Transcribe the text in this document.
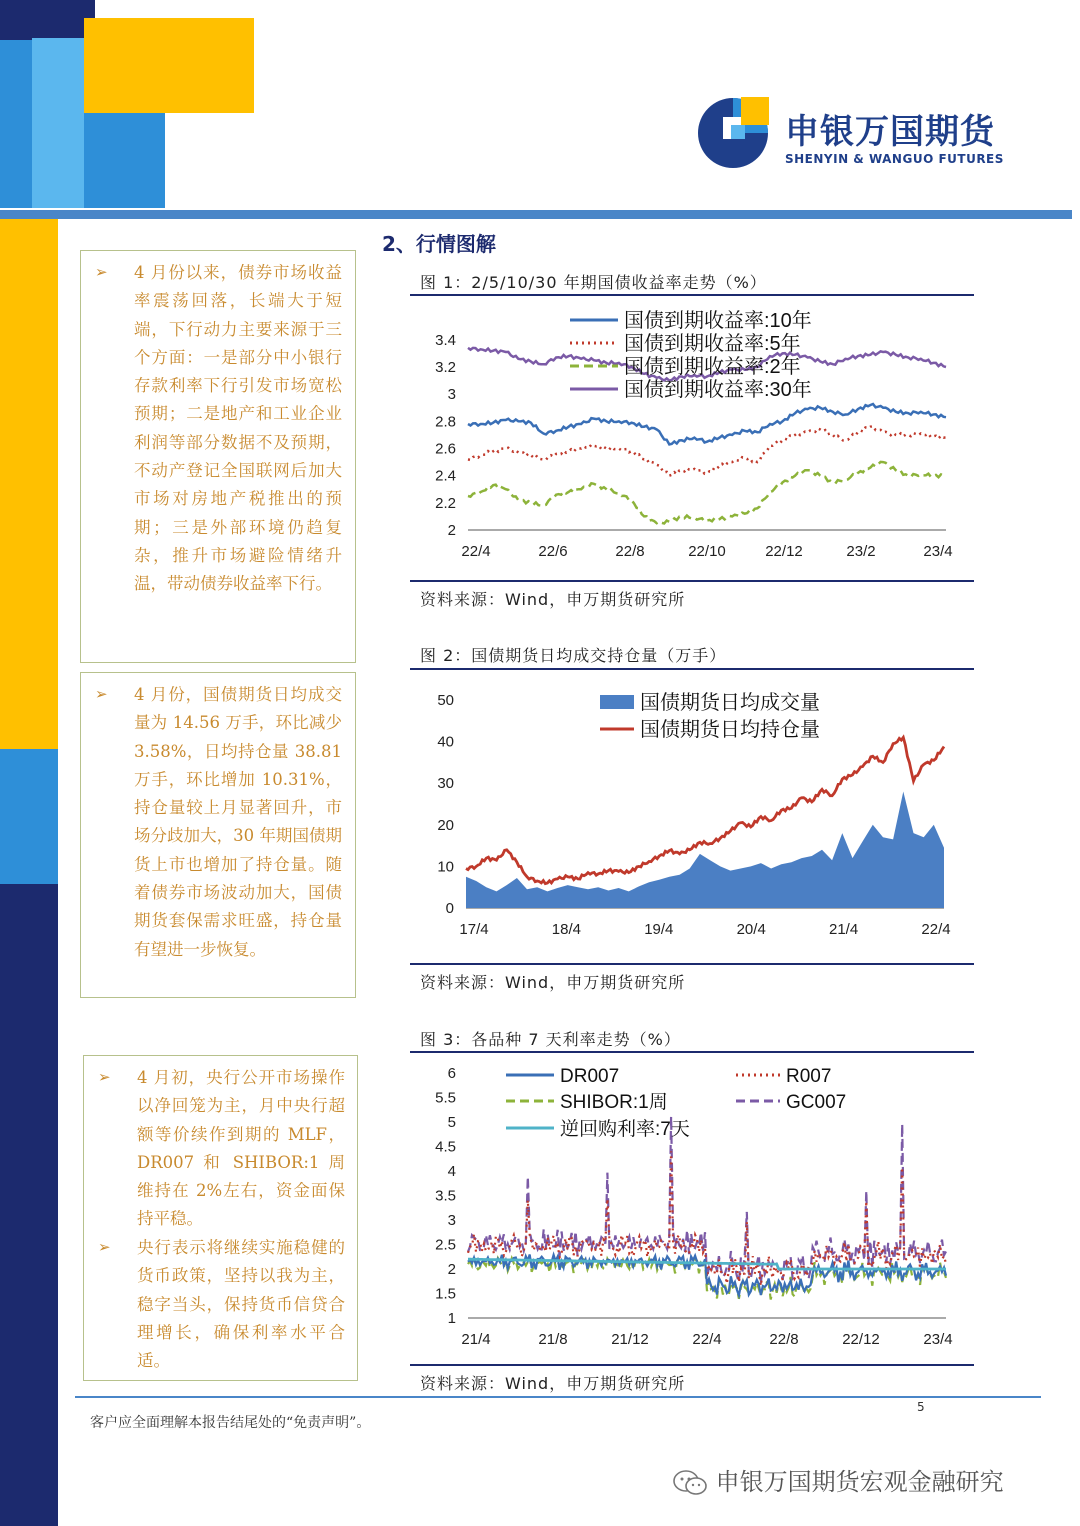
申银万国期货
SHENYIN & WANGUO FUTURES
2、行情图解
➢ 4 月份以来，债券市场收益率震荡回落，长端大于短端，下行动力主要来源于三个方面：一是部分中小银行存款利率下行引发市场宽松预期；二是地产和工业企业利润等部分数据不及预期，不动产登记全国联网后加大市场对房地产税推出的预期；三是外部环境仍趋复杂，推升市场避险情绪升温，带动债券收益率下行。
➢ 4 月份，国债期货日均成交量为 14.56 万手，环比减少 3.58%，日均持仓量 38.81 万手，环比增加 10.31%，持仓量较上月显著回升，市场分歧加大，30 年期国债期货上市也增加了持仓量。随着债券市场波动加大，国债期货套保需求旺盛，持仓量有望进一步恢复。
➢ 4 月初，央行公开市场操作以净回笼为主，月中央行超额等价续作到期的 MLF，DR007 和 SHIBOR:1 周维持在 2%左右，资金面保持平稳。
➢ 央行表示将继续实施稳健的货币政策，坚持以我为主，稳字当头，保持货币信贷合理增长，确保利率水平合适。
图 1：2/5/10/30 年期国债收益率走势（%）
2
2.2
2.4
2.6
2.8
3
3.2
3.4
22/4	22/6	22/8	22/10	22/12	23/2	23/4
国债到期收益率:10年
国债到期收益率:5年
国债到期收益率:2年
国债到期收益率:30年
资料来源：Wind，申万期货研究所
图 2：国债期货日均成交持仓量（万手）
0
10
20
30
40
50
17/4	18/4	19/4	20/4	21/4	22/4
国债期货日均成交量
国债期货日均持仓量
资料来源：Wind，申万期货研究所
图 3：各品种 7 天利率走势（%）
1
1.5
2
2.5
3
3.5
4
4.5
5
5.5
6
21/4	21/8	21/12	22/4	22/8	22/12	23/4
DR007	R007
SHIBOR:1周	GC007
逆回购利率:7天
资料来源：Wind，申万期货研究所
5
客户应全面理解本报告结尾处的“免责声明”。
申银万国期货宏观金融研究
